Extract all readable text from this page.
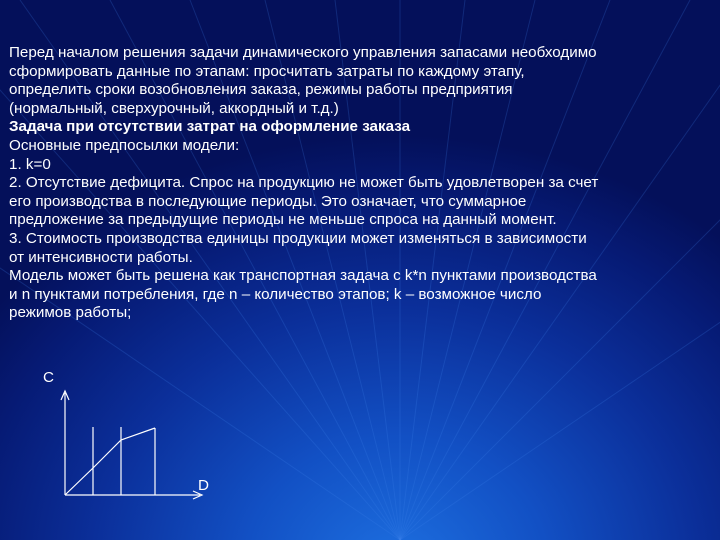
Перед началом решения задачи динамического управления запасами необходимо

сформировать данные по этапам: просчитать затраты по каждому этапу,

определить сроки возобновления заказа, режимы работы предприятия

(нормальный, сверхурочный, аккордный и т.д.)

Задача при отсутствии затрат на оформление заказа

Основные предпосылки модели:

1. k=0

2. Отсутствие дефицита. Спрос на продукцию не может быть удовлетворен за счет

его производства в последующие периоды. Это означает, что суммарное

предложение за предыдущие периоды не меньше спроса на данный момент.

3. Стоимость производства единицы продукции может изменяться в зависимости

от интенсивности работы.

Модель может быть решена как транспортная задача с k*n пунктами производства

и n пунктами потребления, где n – количество этапов; k – возможное число

режимов работы;

C
D
